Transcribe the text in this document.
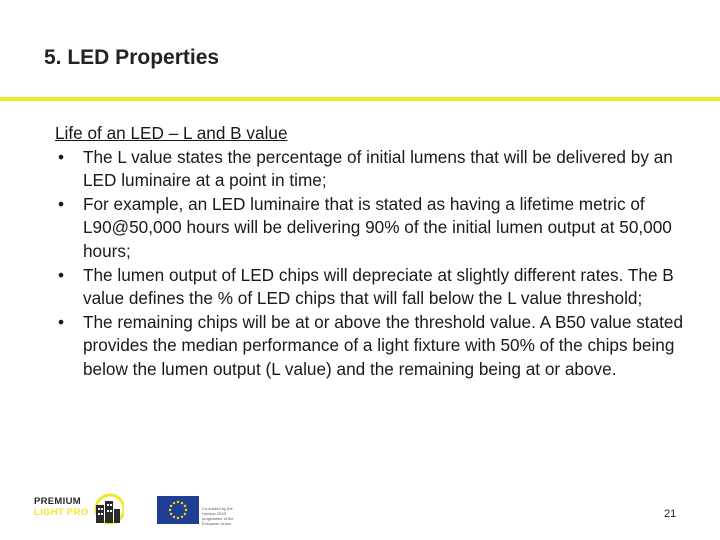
5. LED Properties

Life of an LED – L and B value

• The L value states the percentage of initial lumens that will be delivered by an LED luminaire at a point in time;
• For example, an LED luminaire that is stated as having a lifetime metric of L90@50,000 hours will be delivering 90% of the initial lumen output at 50,000 hours;
• The lumen output of LED chips will depreciate at slightly different rates. The B value defines the % of LED chips that will fall below the L value threshold;
• The remaining chips will be at or above the threshold value. A B50 value stated provides the median performance of a light fixture with 50% of the chips being below the lumen output (L value) and the remaining being at or above.
PREMIUM
LIGHT PRO	Co-funded by the Horizon 2020 programme of the European Union
21
